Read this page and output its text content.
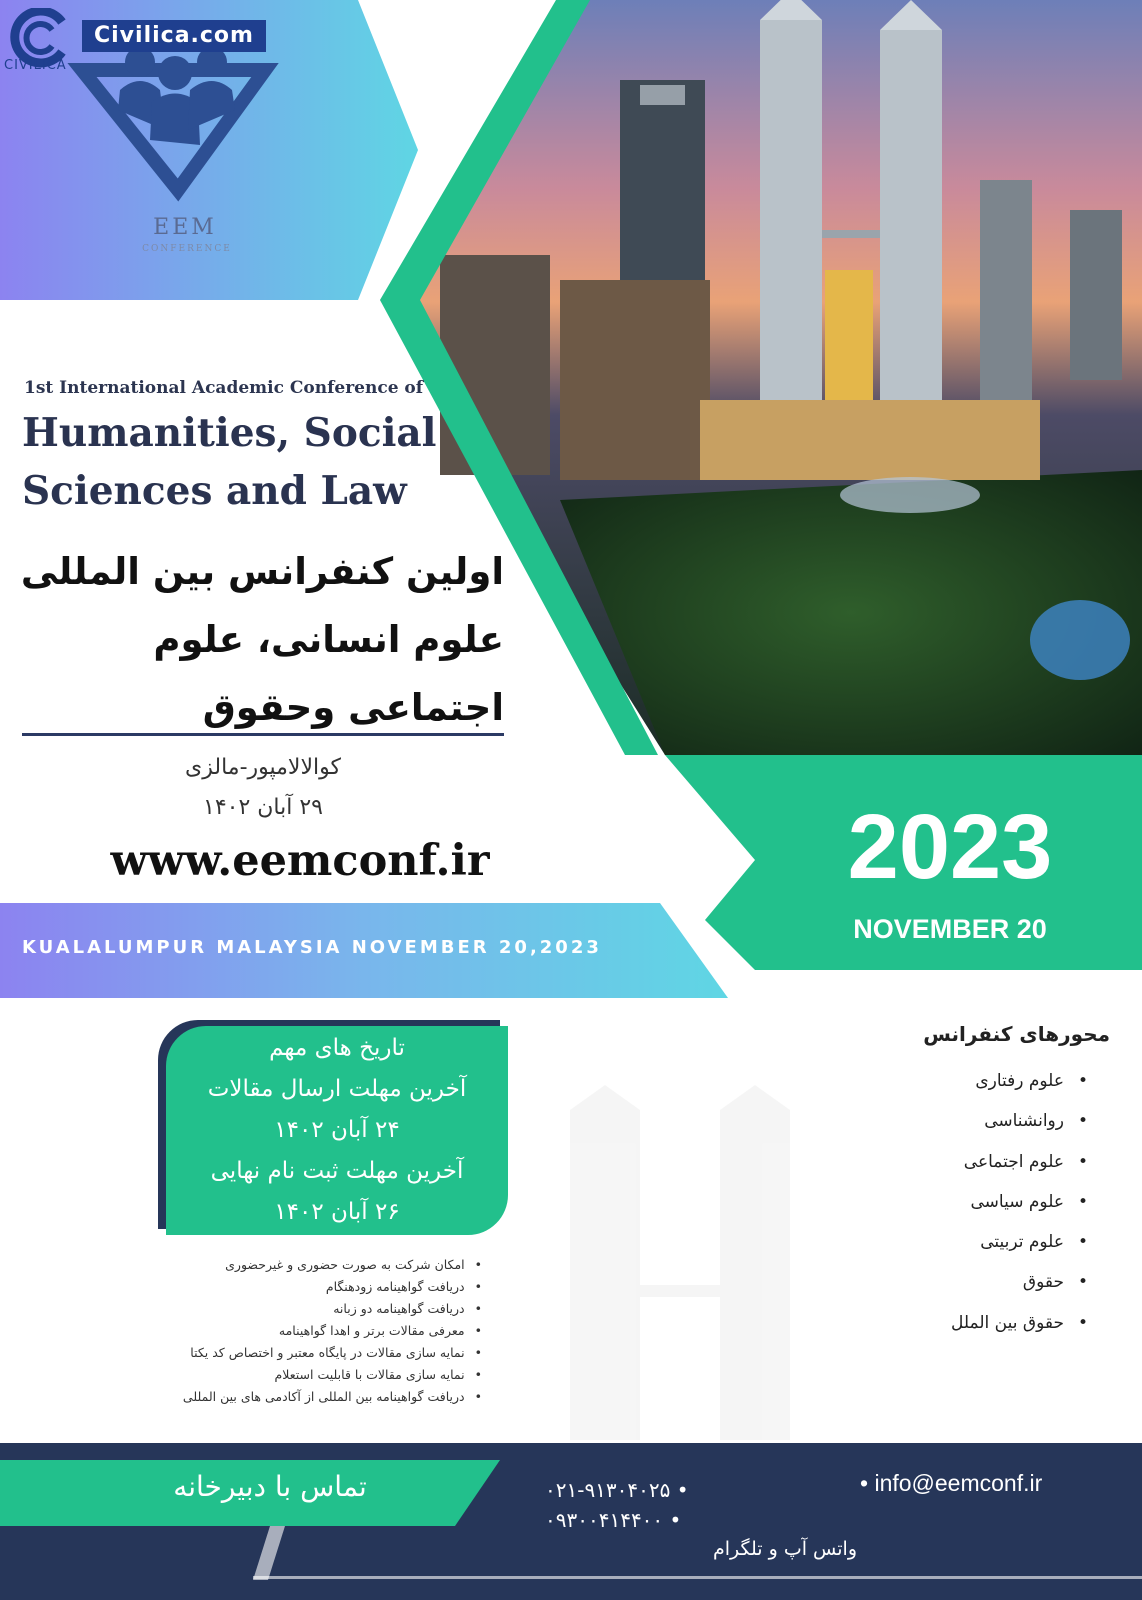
Civilica.com
CIVILICA
EEM
CONFERENCE
1st International Academic Conference of
Humanities, Social
Sciences and Law
اولین کنفرانس بین المللی
علوم انسانی، علوم اجتماعی وحقوق
کوالالامپور-مالزی
۲۹ آبان ۱۴۰۲
www.eemconf.ir
KUALALUMPUR MALAYSIA NOVEMBER 20,2023
2023
NOVEMBER 20
تاریخ های مهم
آخرین مهلت ارسال مقالات
۲۴ آبان ۱۴۰۲
آخرین مهلت ثبت نام نهایی
۲۶ آبان ۱۴۰۲
• امکان شرکت به صورت حضوری و غیرحضوری
• دریافت گواهینامه زودهنگام
• دریافت گواهینامه دو زبانه
• معرفی مقالات برتر و اهدا گواهینامه
• نمایه سازی مقالات در پایگاه معتبر و اختصاص کد یکتا
• نمایه سازی مقالات با قابلیت استعلام
• دریافت گواهینامه بین المللی از آکادمی های بین المللی
محورهای کنفرانس
• علوم رفتاری
• روانشناسی
• علوم اجتماعی
• علوم سیاسی
• علوم تربیتی
• حقوق
• حقوق بین الملل
تماس با دبیرخانه	• ۰۲۱-۹۱۳۰۴۰۲۵
• ۰۹۳۰۰۴۱۴۴۰۰
• info@eemconf.ir
واتس آپ و تلگرام
